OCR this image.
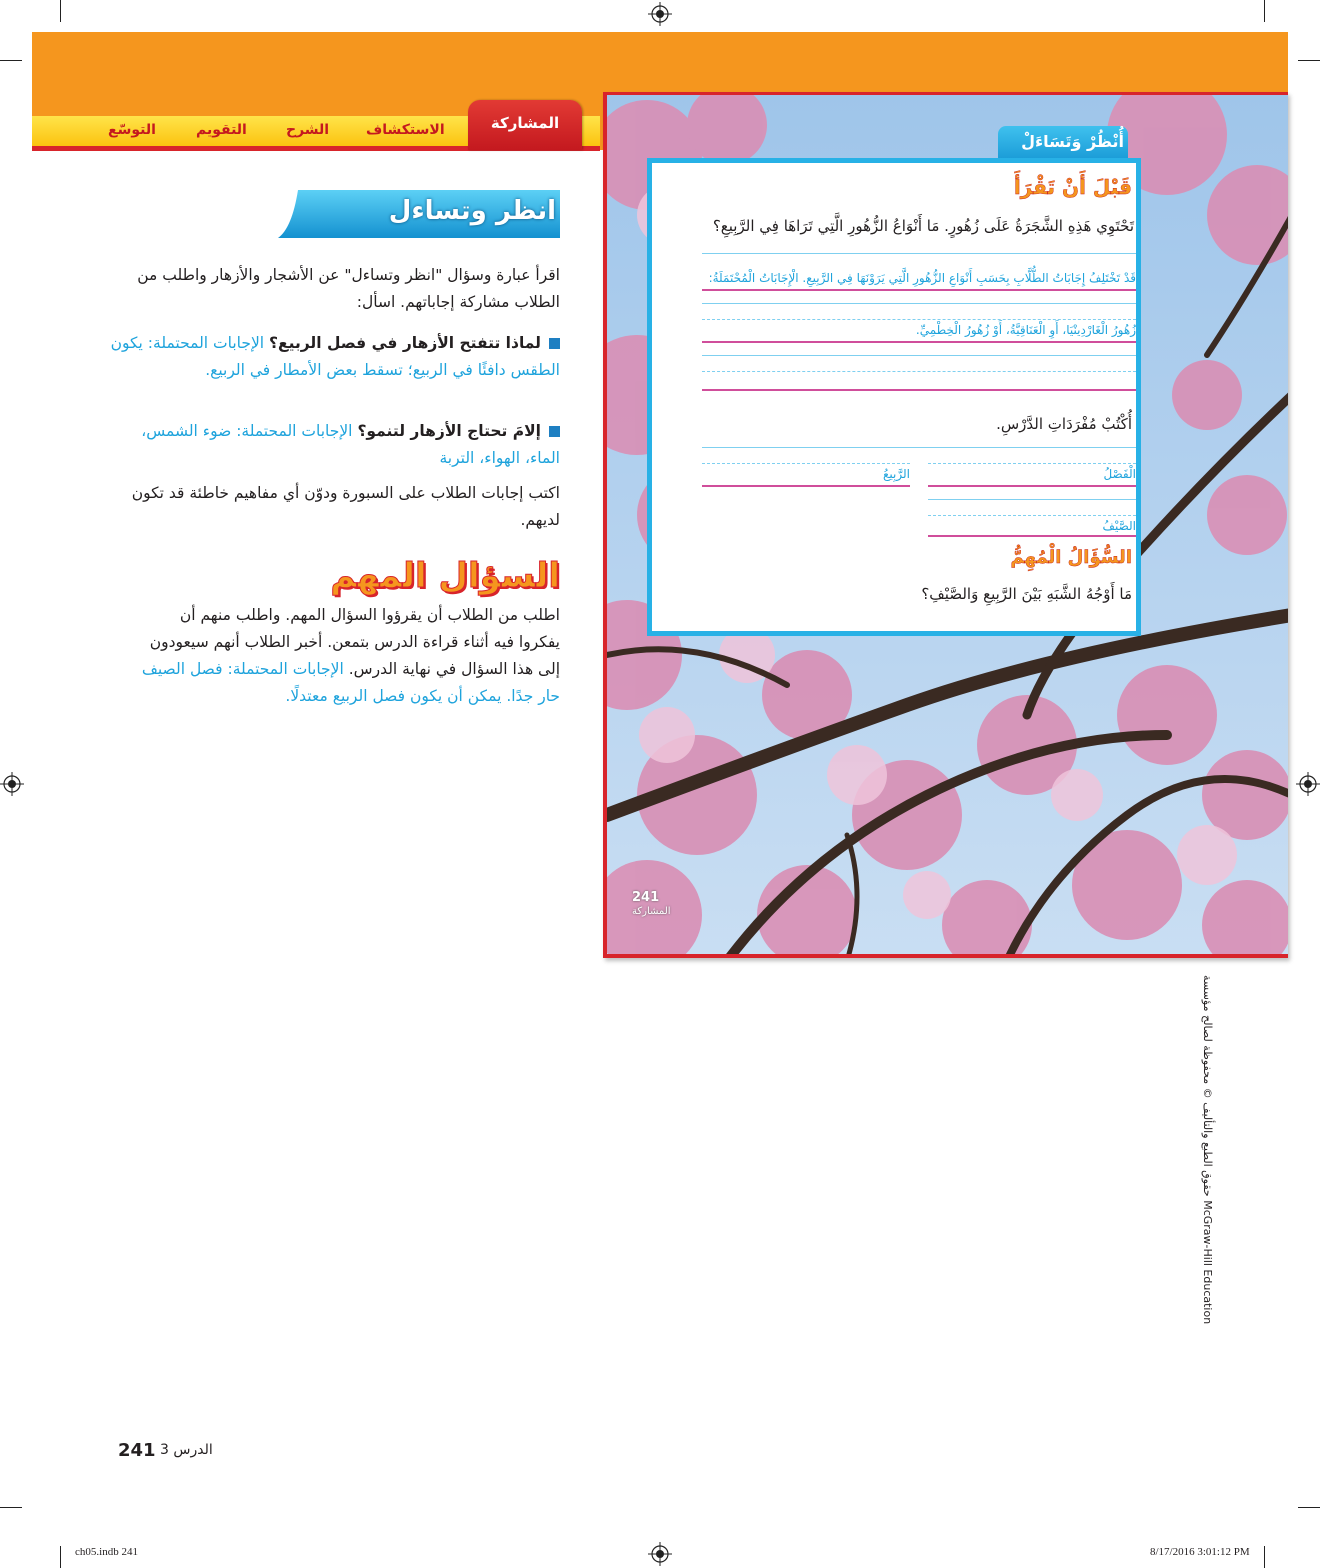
المشاركة
الاستكشاف
الشرح
التقويم
التوسّع
انظر وتساءل
اقرأ عبارة وسؤال "انظر وتساءل" عن الأشجار والأزهار واطلب من الطلاب مشاركة إجاباتهم. اسأل:
لماذا تتفتح الأزهار في فصل الربيع؟ الإجابات المحتملة: يكون الطقس دافئًا في الربيع؛ تسقط بعض الأمطار في الربيع.
إلامَ تحتاج الأزهار لتنمو؟ الإجابات المحتملة: ضوء الشمس، الماء، الهواء، التربة
اكتب إجابات الطلاب على السبورة ودوّن أي مفاهيم خاطئة قد تكون لديهم.
السؤال المهم
اطلب من الطلاب أن يقرؤوا السؤال المهم. واطلب منهم أن يفكروا فيه أثناء قراءة الدرس بتمعن. أخبر الطلاب أنهم سيعودون إلى هذا السؤال في نهاية الدرس. الإجابات المحتملة: فصل الصيف حار جدًا. يمكن أن يكون فصل الربيع معتدلًا.
أُنْظُرْ وَتَسَاءَلْ
قَبْلَ أَنْ تَقْرَأَ
تَحْتَوِي هَذِهِ الشَّجَرَةُ عَلَى زُهُورٍ. مَا أَنْوَاعُ الزُّهُورِ الَّتِي تَرَاهَا فِي الرَّبِيعِ؟
قَدْ تَخْتَلِفُ إِجَابَاتُ الطُّلَّابِ بِحَسَبِ أَنْوَاعِ الزُّهُورِ الَّتِي يَرَوْنَهَا فِي الرَّبِيعِ. الْإِجَابَاتُ الْمُحْتَمَلَةُ:
زُهُورُ الْغَارْدِينْيَا، أَوِ الْعَنَاقِيَّةُ، أَوْ زُهُورُ الْخِطْمِيِّ.
أُكْتُبْ مُفْرَدَاتِ الدَّرْسِ.
الْفَصْلُ
الرَّبِيعُ
الصَّيْفُ
السُّؤَالُ الْمُهِمُّ
مَا أَوْجُهُ الشَّبَهِ بَيْنَ الرَّبِيعِ وَالصَّيْفِ؟
241
المشاركة
حقوق الطبع والتأليف © محفوظة لصالح مؤسسة McGraw-Hill Education
241 الدرس 3
ch05.indb 241	8/17/2016 3:01:12 PM
